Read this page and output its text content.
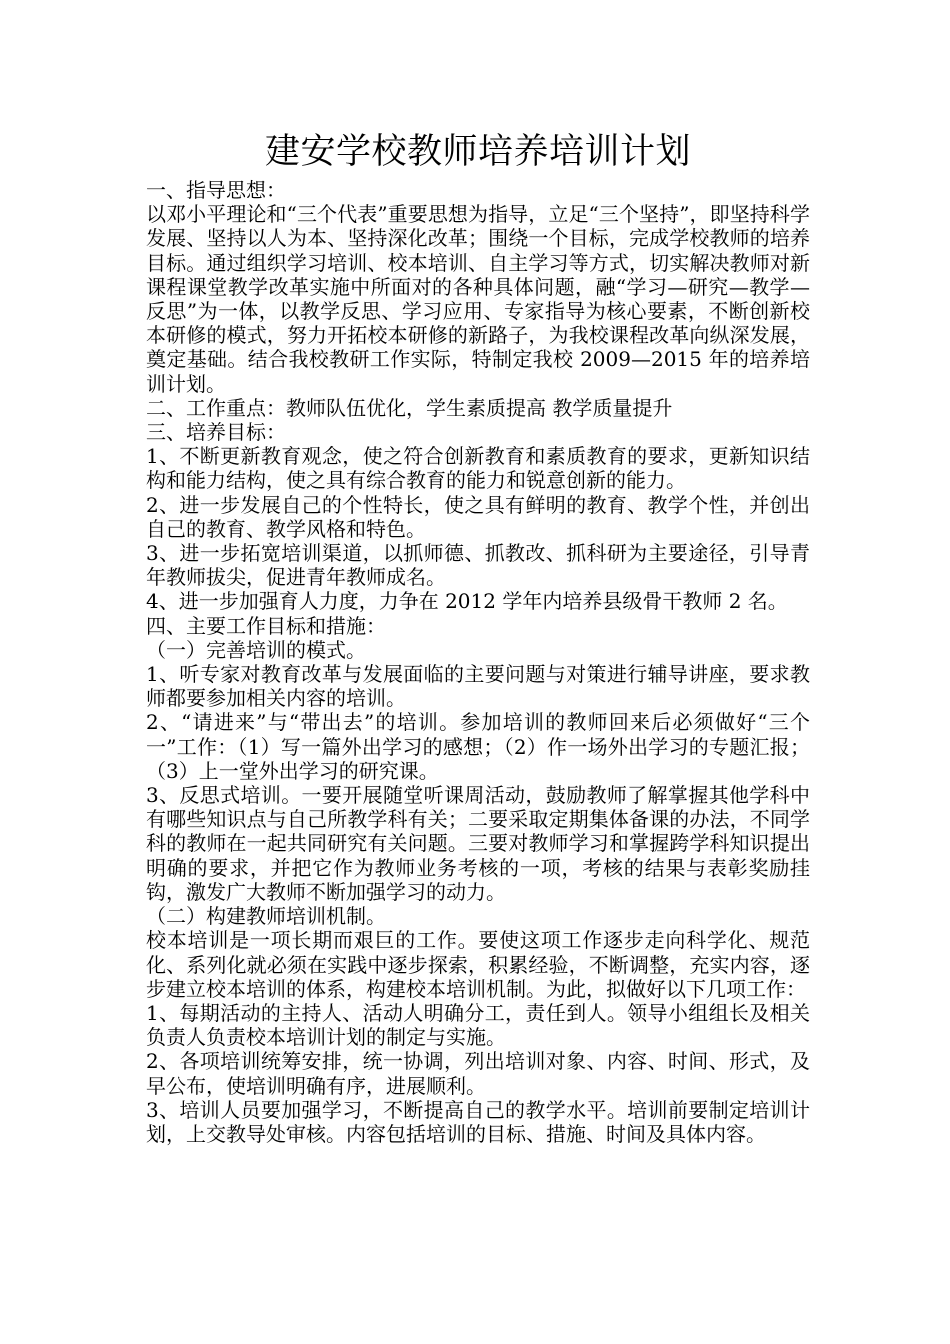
建安学校教师培养培训计划

一、指导思想：

以邓小平理论和“三个代表”重要思想为指导，立足“三个坚持”，即坚持科学发展、坚持以人为本、坚持深化改革；围绕一个目标，完成学校教师的培养目标。通过组织学习培训、校本培训、自主学习等方式，切实解决教师对新课程课堂教学改革实施中所面对的各种具体问题，融“学习—研究—教学—反思”为一体，以教学反思、学习应用、专家指导为核心要素，不断创新校本研修的模式，努力开拓校本研修的新路子，为我校课程改革向纵深发展，奠定基础。结合我校教研工作实际，特制定我校 2009—2015 年的培养培训计划。

二、工作重点：教师队伍优化，学生素质提高 教学质量提升

三、培养目标：

1、不断更新教育观念，使之符合创新教育和素质教育的要求，更新知识结构和能力结构，使之具有综合教育的能力和锐意创新的能力。

2、进一步发展自己的个性特长，使之具有鲜明的教育、教学个性，并创出自己的教育、教学风格和特色。

3、进一步拓宽培训渠道，以抓师德、抓教改、抓科研为主要途径，引导青年教师拔尖，促进青年教师成名。

4、进一步加强育人力度，力争在 2012 学年内培养县级骨干教师 2 名。

四、主要工作目标和措施：

（一）完善培训的模式。

1、听专家对教育改革与发展面临的主要问题与对策进行辅导讲座，要求教师都要参加相关内容的培训。

2、“请进来”与“带出去”的培训。参加培训的教师回来后必须做好“三个一”工作：（1）写一篇外出学习的感想；（2）作一场外出学习的专题汇报；（3）上一堂外出学习的研究课。

3、反思式培训。一要开展随堂听课周活动，鼓励教师了解掌握其他学科中有哪些知识点与自己所教学科有关；二要采取定期集体备课的办法，不同学科的教师在一起共同研究有关问题。三要对教师学习和掌握跨学科知识提出明确的要求，并把它作为教师业务考核的一项，考核的结果与表彰奖励挂钩，激发广大教师不断加强学习的动力。

（二）构建教师培训机制。

校本培训是一项长期而艰巨的工作。要使这项工作逐步走向科学化、规范化、系列化就必须在实践中逐步探索，积累经验，不断调整，充实内容，逐步建立校本培训的体系，构建校本培训机制。为此，拟做好以下几项工作：

1、每期活动的主持人、活动人明确分工，责任到人。领导小组组长及相关负责人负责校本培训计划的制定与实施。

2、各项培训统筹安排，统一协调，列出培训对象、内容、时间、形式，及早公布，使培训明确有序，进展顺利。

3、培训人员要加强学习，不断提高自己的教学水平。培训前要制定培训计划，上交教导处审核。内容包括培训的目标、措施、时间及具体内容。
